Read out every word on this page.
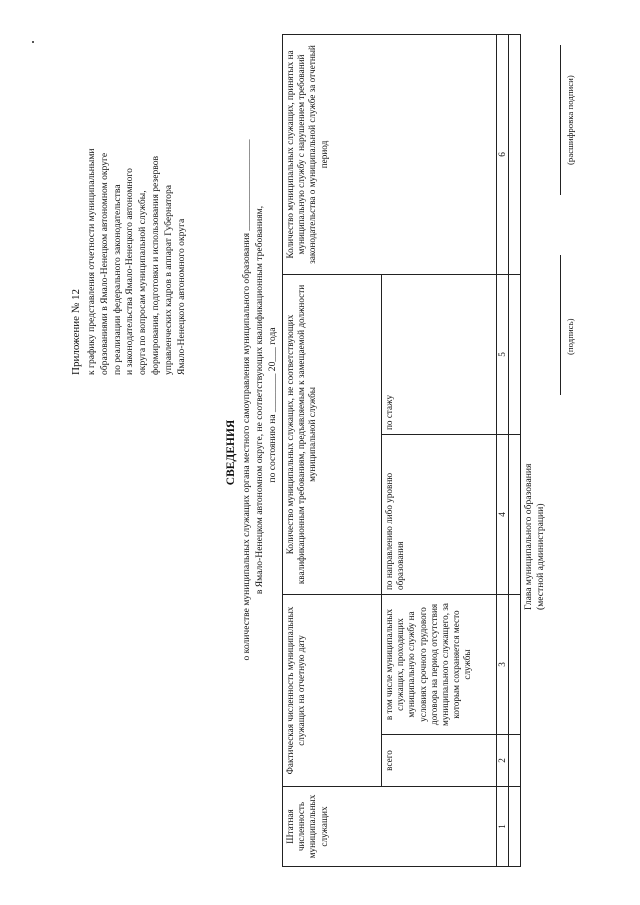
Приложение № 12 к графику представления отчетности муниципальными образованиями в Ямало-Ненецком автономном округе по реализации федерального законодательства и законодательства Ямало-Ненецкого автономного округа по вопросам муниципальной службы, формирования, подготовки и использования резервов управленческих кадров в аппарат Губернатора Ямало-Ненецкого автономного округа
СВЕДЕНИЯ о количестве муниципальных служащих органа местного самоуправления муниципального образования ___________________ в Ямало-Ненецком автономном округе, не соответствующих квалификационным требованиям, по состоянию на ________ 20___ года
Штатная численность муниципальных служащих	Фактическая численность муниципальных служащих на отчетную дату		Количество муниципальных служащих, не соответствующих квалификационным требованиям, предъявляемым к замещаемой должности муниципальной службы		Количество муниципальных служащих, принятых на муниципальную службу с нарушением требований законодательства о муниципальной службе за отчетный период
	всего	в том числе муниципальных служащих, проходящих муниципальную службу на условиях срочного трудового договора на период отсутствия муниципального служащего, за которым сохраняется место службы	по направлению либо уровню образования	по стажу	
1	2	3	4	5	6

Глава муниципального образования (местной администрации)
(подпись)
(расшифровка подписи)
